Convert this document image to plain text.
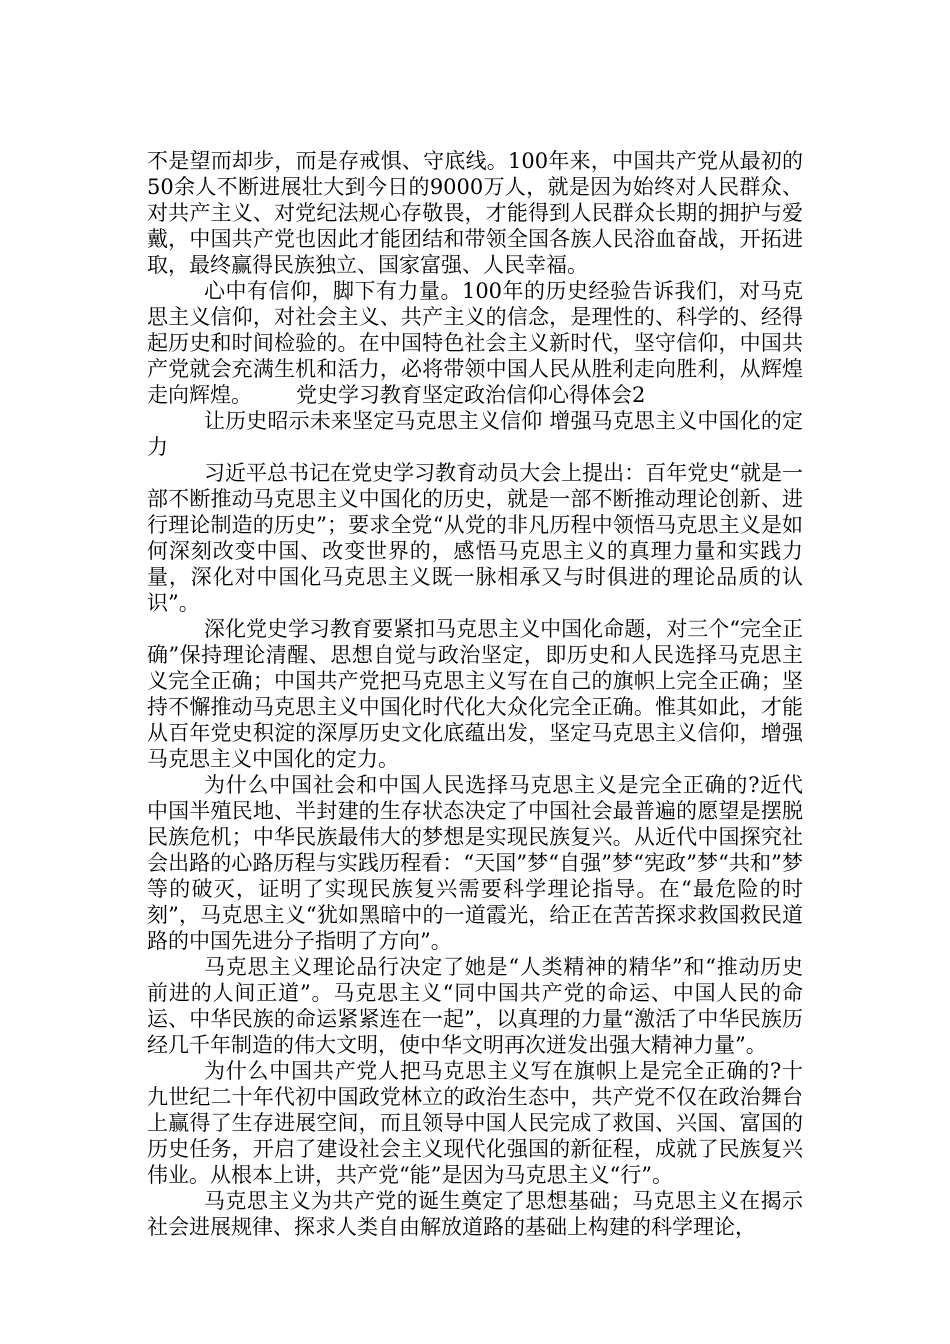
不是望而却步，而是存戒惧、守底线。100年来，中国共产党从最初的50余人不断进展壮大到今日的9000万人，就是因为始终对人民群众、对共产主义、对党纪法规心存敬畏，才能得到人民群众长期的拥护与爱戴，中国共产党也因此才能团结和带领全国各族人民浴血奋战，开拓进取，最终赢得民族独立、国家富强、人民幸福。

心中有信仰，脚下有力量。100年的历史经验告诉我们，对马克思主义信仰，对社会主义、共产主义的信念，是理性的、科学的、经得起历史和时间检验的。在中国特色社会主义新时代，坚守信仰，中国共产党就会充满生机和活力，必将带领中国人民从胜利走向胜利，从辉煌走向辉煌。 党史学习教育坚定政治信仰心得体会2

让历史昭示未来坚定马克思主义信仰 增强马克思主义中国化的定力

习近平总书记在党史学习教育动员大会上提出：百年党史“就是一部不断推动马克思主义中国化的历史，就是一部不断推动理论创新、进行理论制造的历史”；要求全党“从党的非凡历程中领悟马克思主义是如何深刻改变中国、改变世界的，感悟马克思主义的真理力量和实践力量，深化对中国化马克思主义既一脉相承又与时俱进的理论品质的认识”。

深化党史学习教育要紧扣马克思主义中国化命题，对三个“完全正确”保持理论清醒、思想自觉与政治坚定，即历史和人民选择马克思主义完全正确；中国共产党把马克思主义写在自己的旗帜上完全正确；坚持不懈推动马克思主义中国化时代化大众化完全正确。惟其如此，才能从百年党史积淀的深厚历史文化底蕴出发，坚定马克思主义信仰，增强马克思主义中国化的定力。

为什么中国社会和中国人民选择马克思主义是完全正确的?近代中国半殖民地、半封建的生存状态决定了中国社会最普遍的愿望是摆脱民族危机；中华民族最伟大的梦想是实现民族复兴。从近代中国探究社会出路的心路历程与实践历程看：“天国”梦“自强”梦“宪政”梦“共和”梦等的破灭，证明了实现民族复兴需要科学理论指导。在“最危险的时刻”，马克思主义“犹如黑暗中的一道霞光，给正在苦苦探求救国救民道路的中国先进分子指明了方向”。

马克思主义理论品行决定了她是“人类精神的精华”和“推动历史前进的人间正道”。马克思主义“同中国共产党的命运、中国人民的命运、中华民族的命运紧紧连在一起”，以真理的力量“激活了中华民族历经几千年制造的伟大文明，使中华文明再次迸发出强大精神力量”。

为什么中国共产党人把马克思主义写在旗帜上是完全正确的?十九世纪二十年代初中国政党林立的政治生态中，共产党不仅在政治舞台上赢得了生存进展空间，而且领导中国人民完成了救国、兴国、富国的历史任务，开启了建设社会主义现代化强国的新征程，成就了民族复兴伟业。从根本上讲，共产党“能”是因为马克思主义“行”。

马克思主义为共产党的诞生奠定了思想基础；马克思主义在揭示社会进展规律、探求人类自由解放道路的基础上构建的科学理论，
